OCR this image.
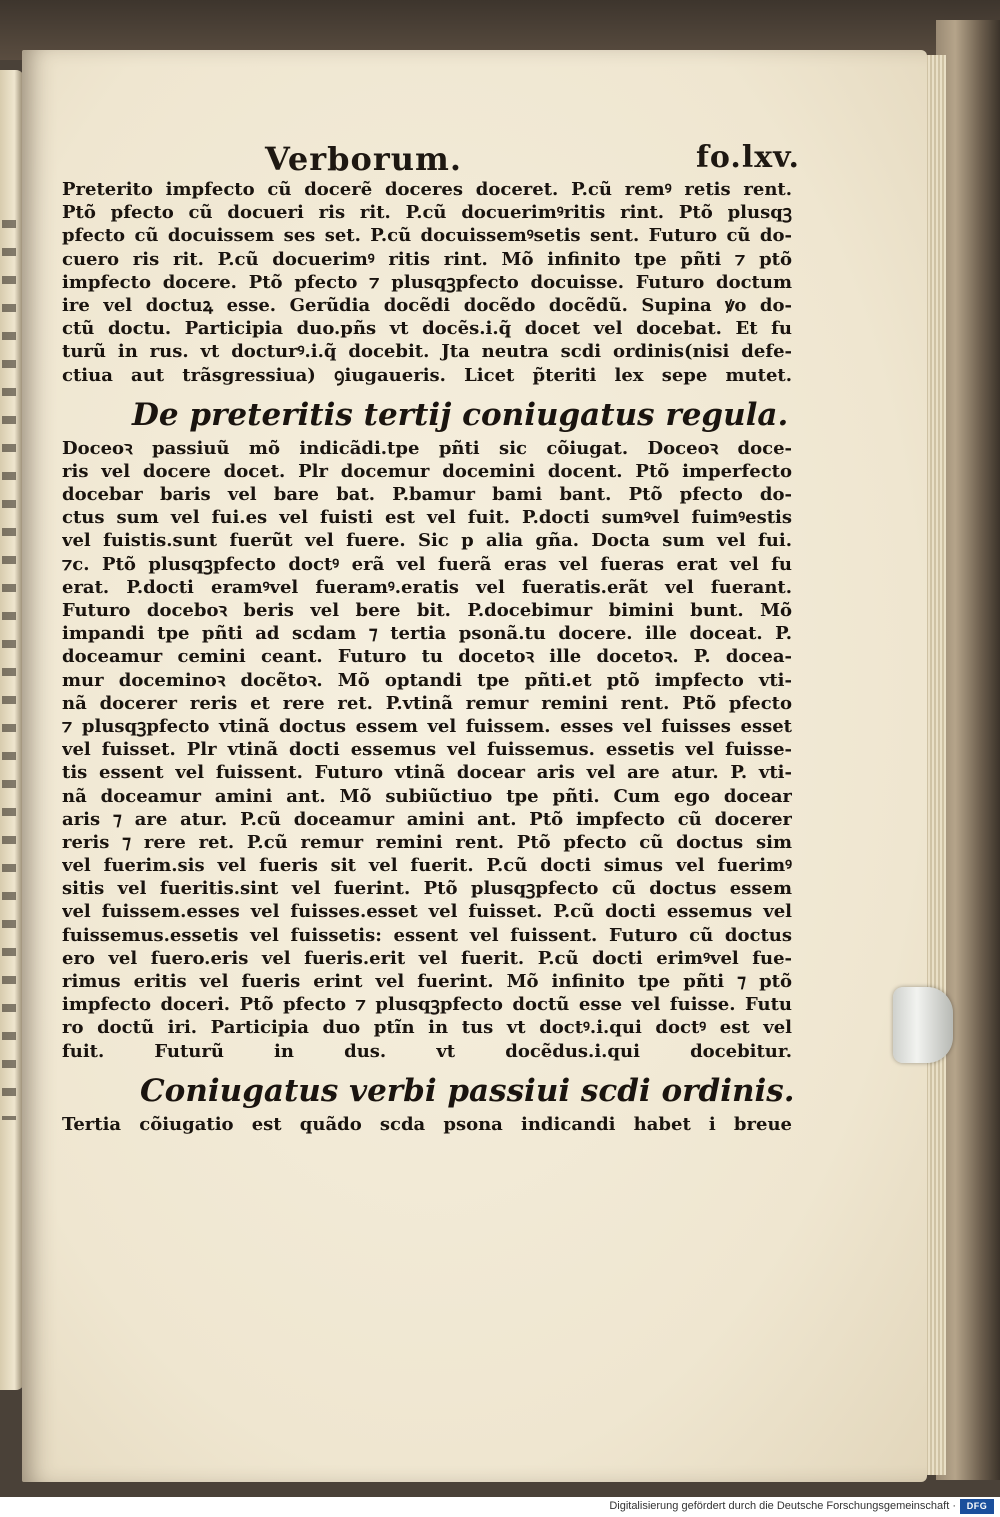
Verborum.	fo.lxv.
Preterito impfecto cũ docerẽ doceres doceret. P.cũ remꝰ retis rent.
Ptõ pfecto cũ docueri ris rit. P.cũ docuerimꝰritis rint. Ptõ plusqꝫ
pfecto cũ docuissem ses set. P.cũ docuissemꝰsetis sent. Futuro cũ do-
cuero ris rit. P.cũ docuerimꝰ ritis rint. Mõ infinito tpe pñti ⁊ ptõ
impfecto docere. Ptõ pfecto ⁊ plusqꝫpfecto docuisse. Futuro doctum
ire vel doctuꝝ esse. Gerũdia docẽdi docẽdo docẽdũ. Supina ꝟo do-
ctũ doctu. Participia duo.pñs vt docẽs.i.q̃ docet vel docebat. Et fu
turũ in rus. vt docturꝰ.i.q̃ docebit. Jta neutra scdi ordinis(nisi defe-
ctiua aut trãsgressiua) ꝯiugaueris. Licet p̃teriti lex sepe mutet.
De preteritis tertij coniugatus regula.
Doceoꝛ passiuũ mõ indicãdi.tpe pñti sic cõiugat. Doceoꝛ doce-
ris vel docere docet. Plr docemur docemini docent. Ptõ imperfecto
docebar baris vel bare bat. P.bamur bami bant. Ptõ pfecto do-
ctus sum vel fui.es vel fuisti est vel fuit. P.docti sumꝰvel fuimꝰestis
vel fuistis.sunt fuerũt vel fuere. Sic p alia gña. Docta sum vel fui.
⁊c. Ptõ plusqꝫpfecto doctꝰ erã vel fuerã eras vel fueras erat vel fu
erat. P.docti eramꝰvel fueramꝰ.eratis vel fueratis.erãt vel fuerant.
Futuro doceboꝛ beris vel bere bit. P.docebimur bimini bunt. Mõ
impandi tpe pñti ad scdam ⁊ tertia psonã.tu docere. ille doceat. P.
doceamur cemini ceant. Futuro tu docetoꝛ ille docetoꝛ. P. docea-
mur doceminoꝛ docẽtoꝛ. Mõ optandi tpe pñti.et ptõ impfecto vti-
nã docerer reris et rere ret. P.vtinã remur remini rent. Ptõ pfecto
⁊ plusqꝫpfecto vtinã doctus essem vel fuissem. esses vel fuisses esset
vel fuisset. Plr vtinã docti essemus vel fuissemus. essetis vel fuisse-
tis essent vel fuissent. Futuro vtinã docear aris vel are atur. P. vti-
nã doceamur amini ant. Mõ subiũctiuo tpe pñti. Cum ego docear
aris ⁊ are atur. P.cũ doceamur amini ant. Ptõ impfecto cũ docerer
reris ⁊ rere ret. P.cũ remur remini rent. Ptõ pfecto cũ doctus sim
vel fuerim.sis vel fueris sit vel fuerit. P.cũ docti simus vel fuerimꝰ
sitis vel fueritis.sint vel fuerint. Ptõ plusqꝫpfecto cũ doctus essem
vel fuissem.esses vel fuisses.esset vel fuisset. P.cũ docti essemus vel
fuissemus.essetis vel fuissetis: essent vel fuissent. Futuro cũ doctus
ero vel fuero.eris vel fueris.erit vel fuerit. P.cũ docti erimꝰvel fue-
rimus eritis vel fueris erint vel fuerint. Mõ infinito tpe pñti ⁊ ptõ
impfecto doceri. Ptõ pfecto ⁊ plusqꝫpfecto doctũ esse vel fuisse. Futu
ro doctũ iri. Participia duo ptĩn in tus vt doctꝰ.i.qui doctꝰ est vel
fuit. Futurũ in dus. vt docẽdus.i.qui docebitur.
Coniugatus verbi passiui scdi ordinis.
Tertia cõiugatio est quãdo scda psona indicandi habet i breue
Digitalisierung gefördert durch die Deutsche Forschungsgemeinschaft ·	DFG
